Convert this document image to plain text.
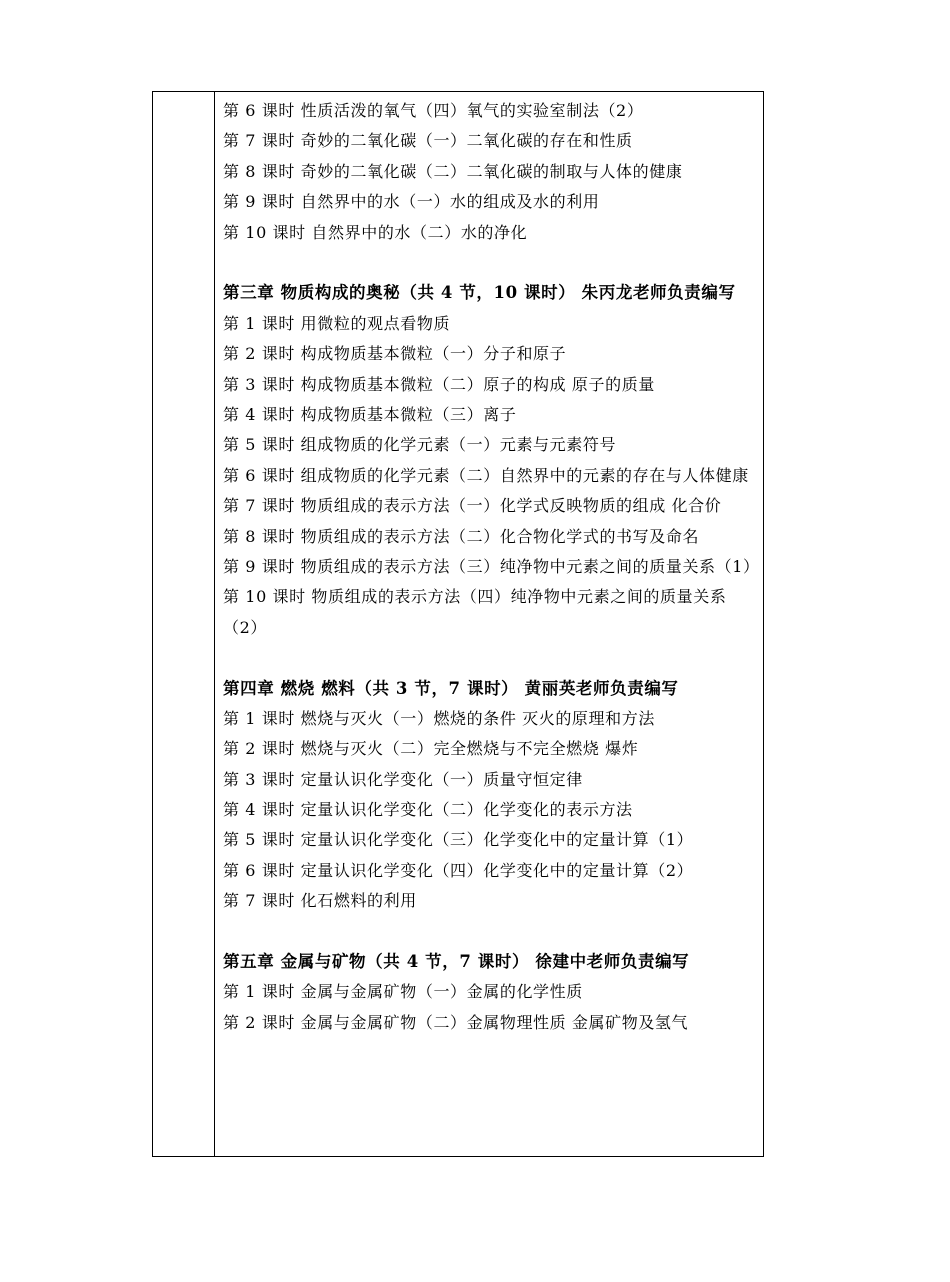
第 6 课时 性质活泼的氧气（四）氧气的实验室制法（2）
第 7 课时 奇妙的二氧化碳（一）二氧化碳的存在和性质
第 8 课时 奇妙的二氧化碳（二）二氧化碳的制取与人体的健康
第 9 课时 自然界中的水（一）水的组成及水的利用
第 10 课时 自然界中的水（二）水的净化
第三章 物质构成的奥秘（共 4 节，10 课时） 朱丙龙老师负责编写
第 1 课时 用微粒的观点看物质
第 2 课时 构成物质基本微粒（一）分子和原子
第 3 课时 构成物质基本微粒（二）原子的构成 原子的质量
第 4 课时 构成物质基本微粒（三）离子
第 5 课时 组成物质的化学元素（一）元素与元素符号
第 6 课时 组成物质的化学元素（二）自然界中的元素的存在与人体健康
第 7 课时 物质组成的表示方法（一）化学式反映物质的组成 化合价
第 8 课时 物质组成的表示方法（二）化合物化学式的书写及命名
第 9 课时 物质组成的表示方法（三）纯净物中元素之间的质量关系（1）
第 10 课时 物质组成的表示方法（四）纯净物中元素之间的质量关系（2）
第四章 燃烧 燃料（共 3 节，7 课时） 黄丽英老师负责编写
第 1 课时 燃烧与灭火（一）燃烧的条件 灭火的原理和方法
第 2 课时 燃烧与灭火（二）完全燃烧与不完全燃烧 爆炸
第 3 课时 定量认识化学变化（一）质量守恒定律
第 4 课时 定量认识化学变化（二）化学变化的表示方法
第 5 课时 定量认识化学变化（三）化学变化中的定量计算（1）
第 6 课时 定量认识化学变化（四）化学变化中的定量计算（2）
第 7 课时 化石燃料的利用
第五章 金属与矿物（共 4 节，7 课时） 徐建中老师负责编写
第 1 课时 金属与金属矿物（一）金属的化学性质
第 2 课时 金属与金属矿物（二）金属物理性质 金属矿物及氢气
